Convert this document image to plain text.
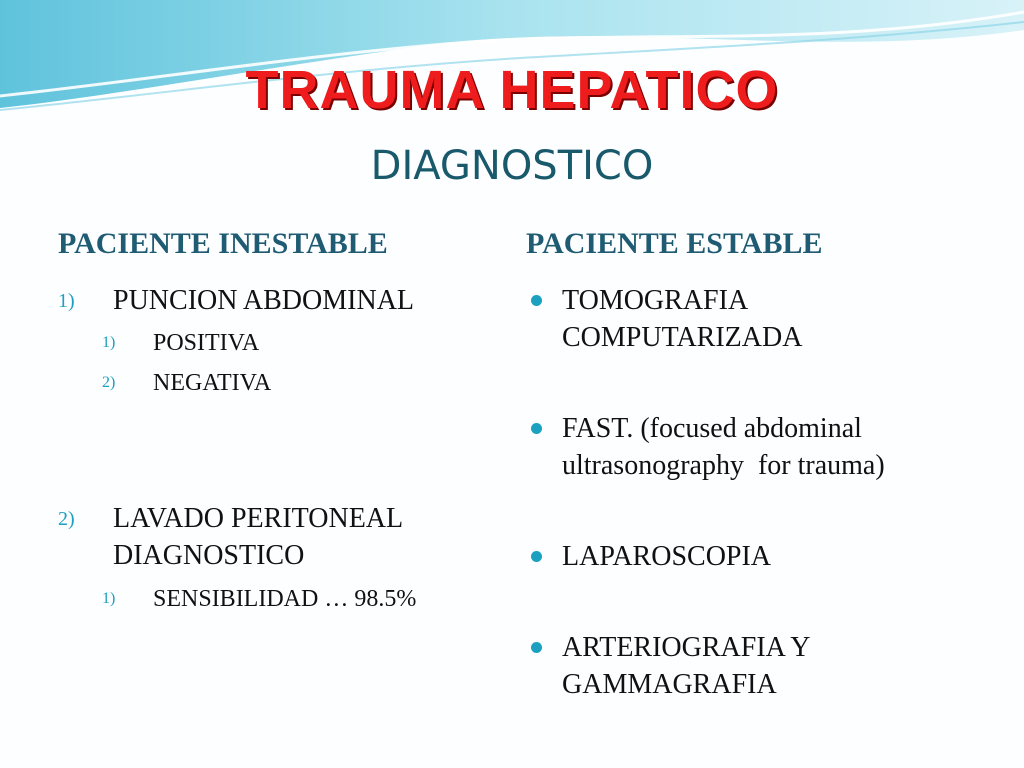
TRAUMA HEPATICO
DIAGNOSTICO
PACIENTE INESTABLE
1) PUNCION ABDOMINAL
1) POSITIVA
2) NEGATIVA
2) LAVADO PERITONEAL
DIAGNOSTICO
1) SENSIBILIDAD … 98.5%
PACIENTE ESTABLE
TOMOGRAFIA
COMPUTARIZADA
FAST. (focused abdominal
ultrasonography  for trauma)
LAPAROSCOPIA
ARTERIOGRAFIA Y
GAMMAGRAFIA
